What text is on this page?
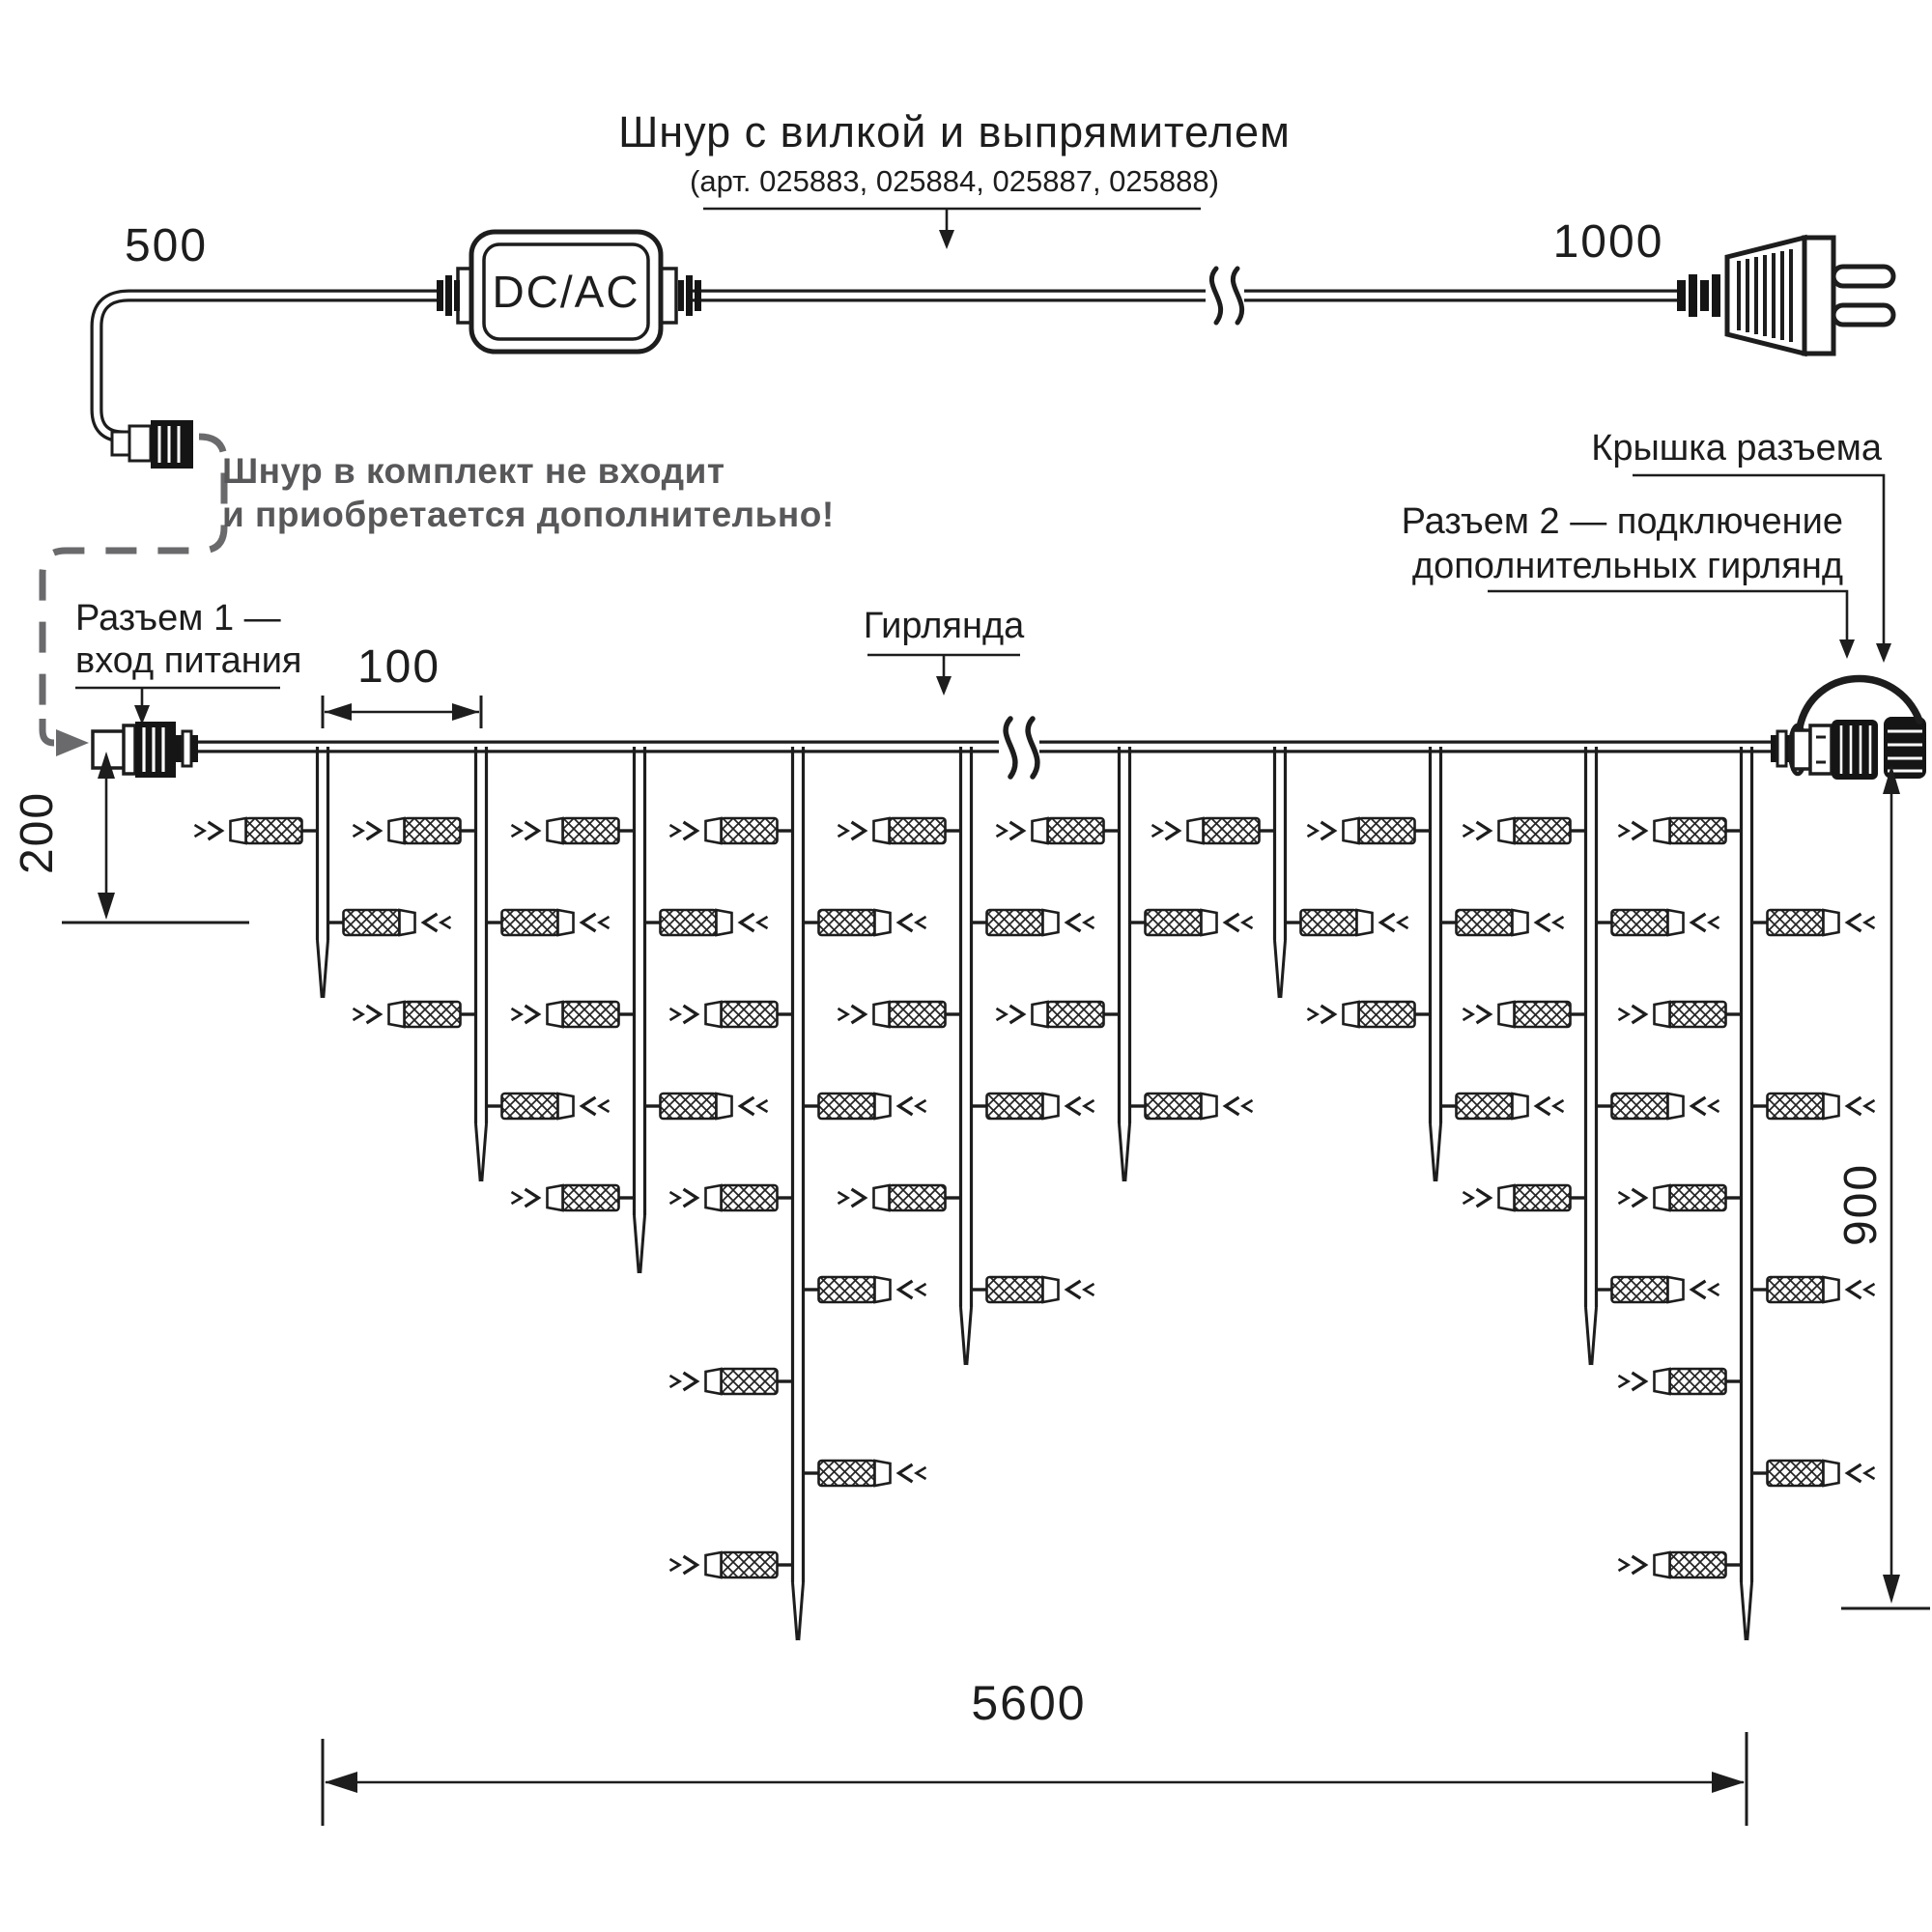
Шнур с вилкой и выпрямителем
(арт. 025883, 025884, 025887, 025888)
500	1000
DC/AC
Шнур в комплект не входит
и приобретается дополнительно!
Разъем 1 —
вход питания
Гирлянда
Крышка разъема
Разъем 2 — подключение
дополнительных гирлянд
100
200
900
5600
